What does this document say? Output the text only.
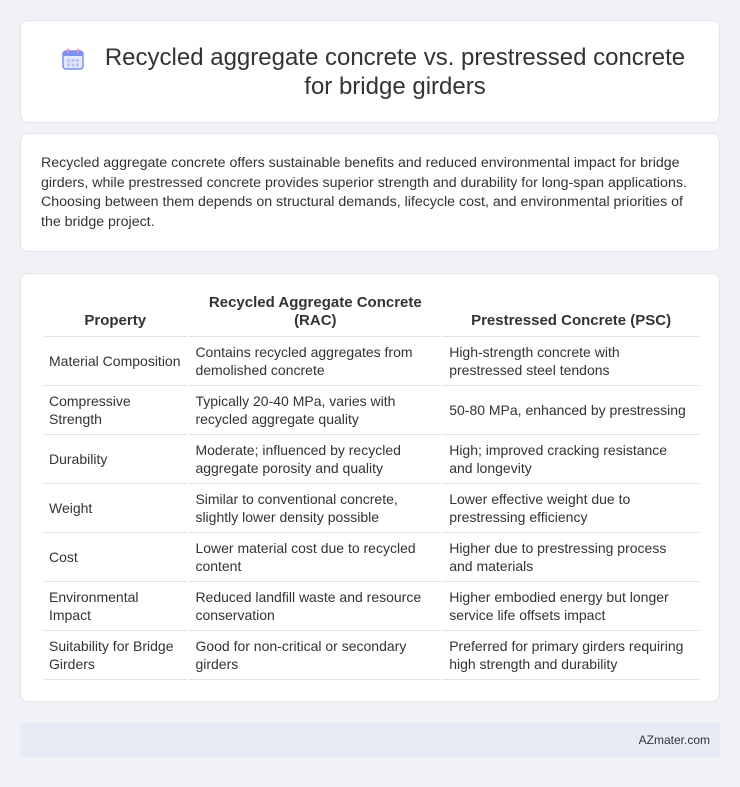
Recycled aggregate concrete vs. prestressed concrete for bridge girders

Recycled aggregate concrete offers sustainable benefits and reduced environmental impact for bridge girders, while prestressed concrete provides superior strength and durability for long-span applications. Choosing between them depends on structural demands, lifecycle cost, and environmental priorities of the bridge project.

Property	Recycled Aggregate Concrete (RAC)	Prestressed Concrete (PSC)
Material Composition	Contains recycled aggregates from demolished concrete	High-strength concrete with prestressed steel tendons
Compressive Strength	Typically 20-40 MPa, varies with recycled aggregate quality	50-80 MPa, enhanced by prestressing
Durability	Moderate; influenced by recycled aggregate porosity and quality	High; improved cracking resistance and longevity
Weight	Similar to conventional concrete, slightly lower density possible	Lower effective weight due to prestressing efficiency
Cost	Lower material cost due to recycled content	Higher due to prestressing process and materials
Environmental Impact	Reduced landfill waste and resource conservation	Higher embodied energy but longer service life offsets impact
Suitability for Bridge Girders	Good for non-critical or secondary girders	Preferred for primary girders requiring high strength and durability
AZmater.com
